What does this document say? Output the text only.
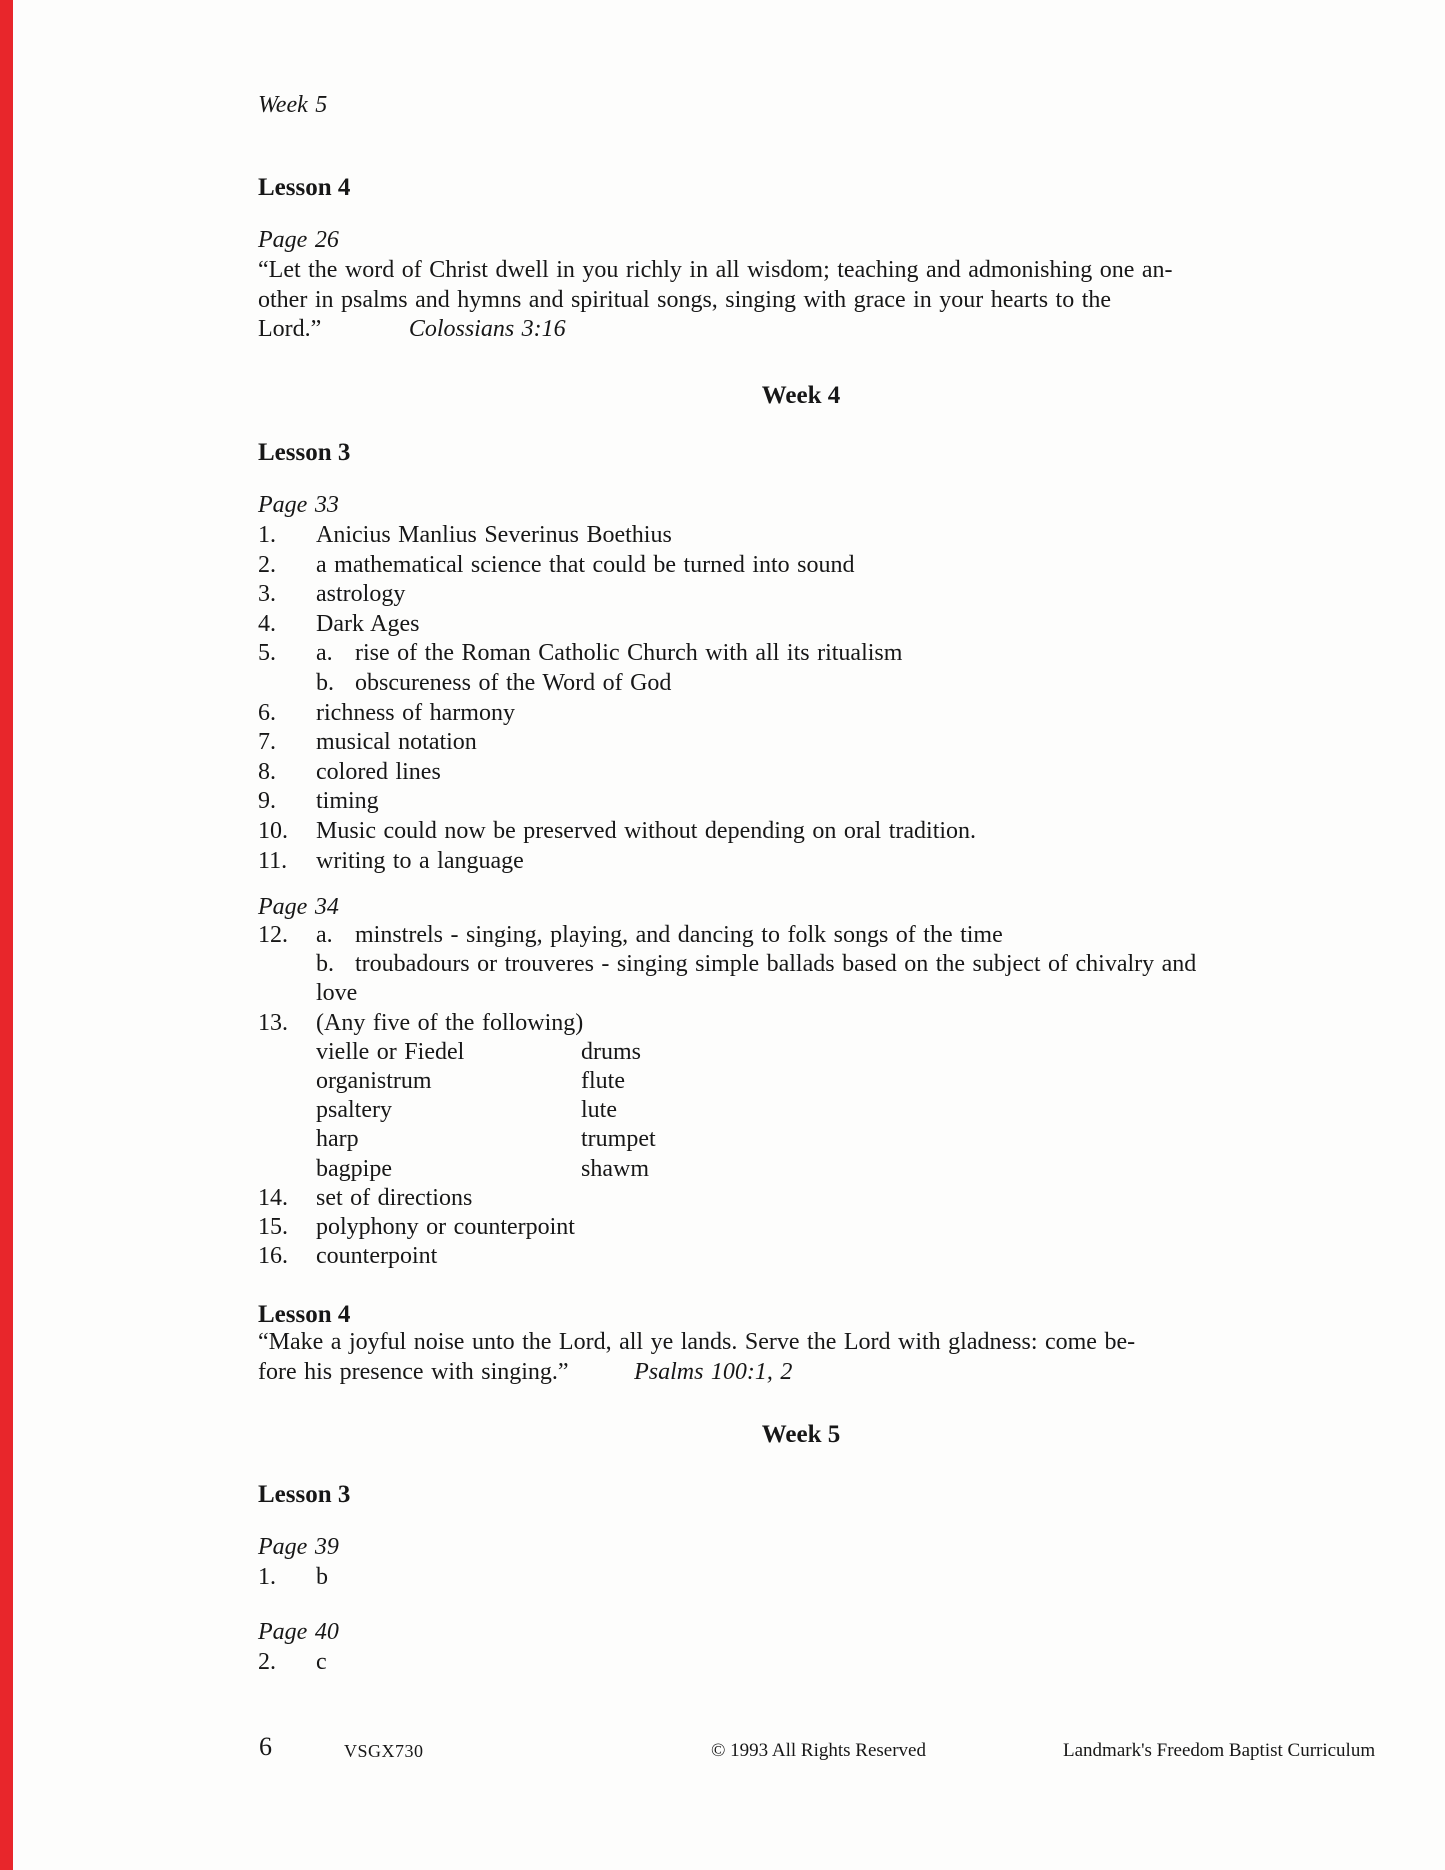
Week 5
Lesson 4
Page 26
“Let the word of Christ dwell in you richly in all wisdom; teaching and admonishing one an-
other in psalms and hymns and spiritual songs, singing with grace in your hearts to the
Lord.”	Colossians 3:16
Week 4
Lesson 3
Page 33
1. Anicius Manlius Severinus Boethius
2. a mathematical science that could be turned into sound
3. astrology
4. Dark Ages
5. a. rise of the Roman Catholic Church with all its ritualism
b. obscureness of the Word of God
6. richness of harmony
7. musical notation
8. colored lines
9. timing
10. Music could now be preserved without depending on oral tradition.
11. writing to a language
Page 34
12. a. minstrels - singing, playing, and dancing to folk songs of the time
b. troubadours or trouveres - singing simple ballads based on the subject of chivalry and
love
13. (Any five of the following)
vielle or Fiedel	drums
organistrum	flute
psaltery	lute
harp	trumpet
bagpipe	shawm
14. set of directions
15. polyphony or counterpoint
16. counterpoint
Lesson 4
“Make a joyful noise unto the Lord, all ye lands. Serve the Lord with gladness: come be-
fore his presence with singing.”	Psalms 100:1, 2
Week 5
Lesson 3
Page 39
1. b
Page 40
2. c
6	VSGX730	© 1993 All Rights Reserved	Landmark's Freedom Baptist Curriculum
